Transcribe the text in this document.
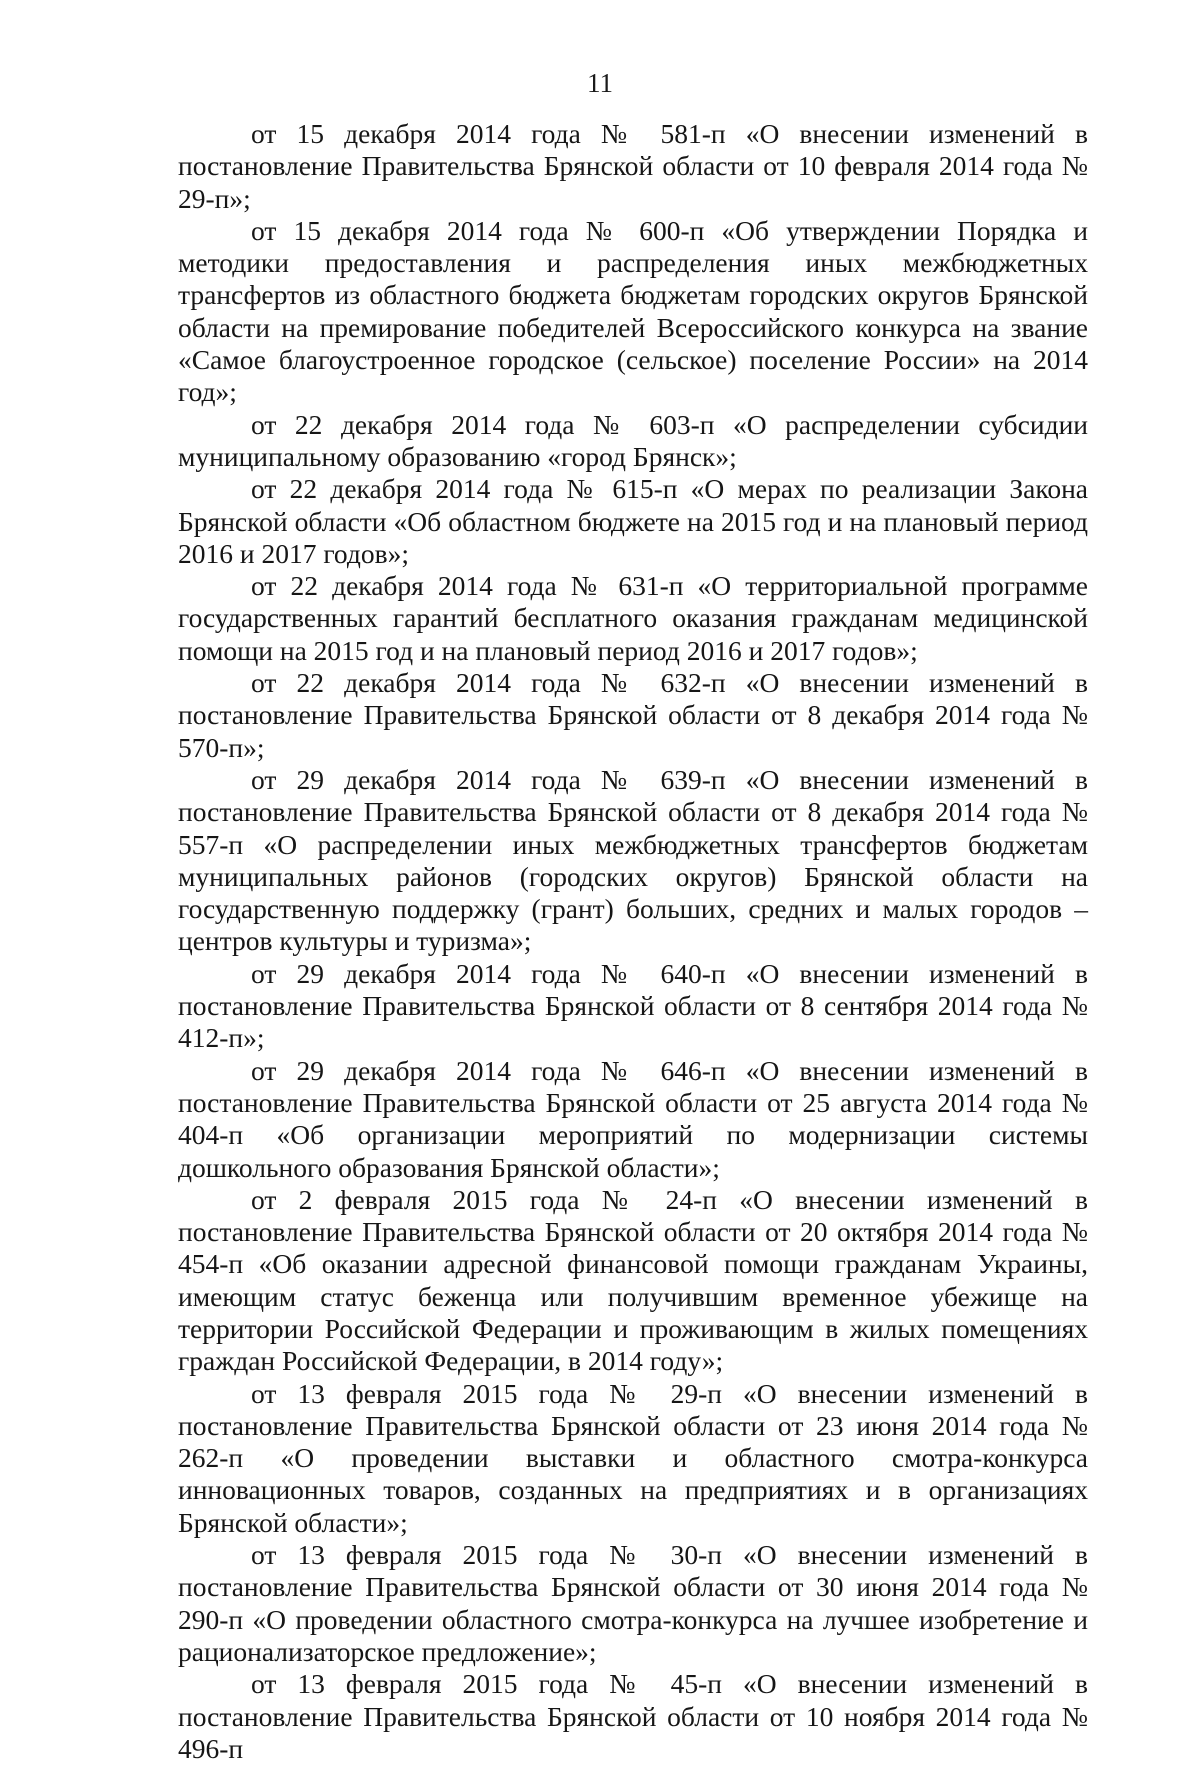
11

от 15 декабря 2014 года № 581-п «О внесении изменений в постановление Правительства Брянской области от 10 февраля 2014 года № 29-п»;

от 15 декабря 2014 года № 600-п «Об утверждении Порядка и методики предоставления и распределения иных межбюджетных трансфертов из областного бюджета бюджетам городских округов Брянской области на премирование победителей Всероссийского конкурса на звание «Самое благоустроенное городское (сельское) поселение России» на 2014 год»;

от 22 декабря 2014 года № 603-п «О распределении субсидии муниципальному образованию «город Брянск»;

от 22 декабря 2014 года № 615-п «О мерах по реализации Закона Брянской области «Об областном бюджете на 2015 год и на плановый период 2016 и 2017 годов»;

от 22 декабря 2014 года № 631-п «О территориальной программе государственных гарантий бесплатного оказания гражданам медицинской помощи на 2015 год и на плановый период 2016 и 2017 годов»;

от 22 декабря 2014 года № 632-п «О внесении изменений в постановление Правительства Брянской области от 8 декабря 2014 года № 570-п»;

от 29 декабря 2014 года № 639-п «О внесении изменений в постановление Правительства Брянской области от 8 декабря 2014 года № 557-п «О распределении иных межбюджетных трансфертов бюджетам муниципальных районов (городских округов) Брянской области на государственную поддержку (грант) больших, средних и малых городов – центров культуры и туризма»;

от 29 декабря 2014 года № 640-п «О внесении изменений в постановление Правительства Брянской области от 8 сентября 2014 года № 412-п»;

от 29 декабря 2014 года № 646-п «О внесении изменений в постановление Правительства Брянской области от 25 августа 2014 года № 404-п «Об организации мероприятий по модернизации системы дошкольного образования Брянской области»;

от 2 февраля 2015 года № 24-п «О внесении изменений в постановление Правительства Брянской области от 20 октября 2014 года № 454-п «Об оказании адресной финансовой помощи гражданам Украины, имеющим статус беженца или получившим временное убежище на территории Российской Федерации и проживающим в жилых помещениях граждан Российской Федерации, в 2014 году»;

от 13 февраля 2015 года № 29-п «О внесении изменений в постановление Правительства Брянской области от 23 июня 2014 года № 262-п «О проведении выставки и областного смотра-конкурса инновационных товаров, созданных на предприятиях и в организациях Брянской области»;

от 13 февраля 2015 года № 30-п «О внесении изменений в постановление Правительства Брянской области от 30 июня 2014 года № 290-п «О проведении областного смотра-конкурса на лучшее изобретение и рационализаторское предложение»;

от 13 февраля 2015 года № 45-п «О внесении изменений в постановление Правительства Брянской области от 10 ноября 2014 года № 496-п
